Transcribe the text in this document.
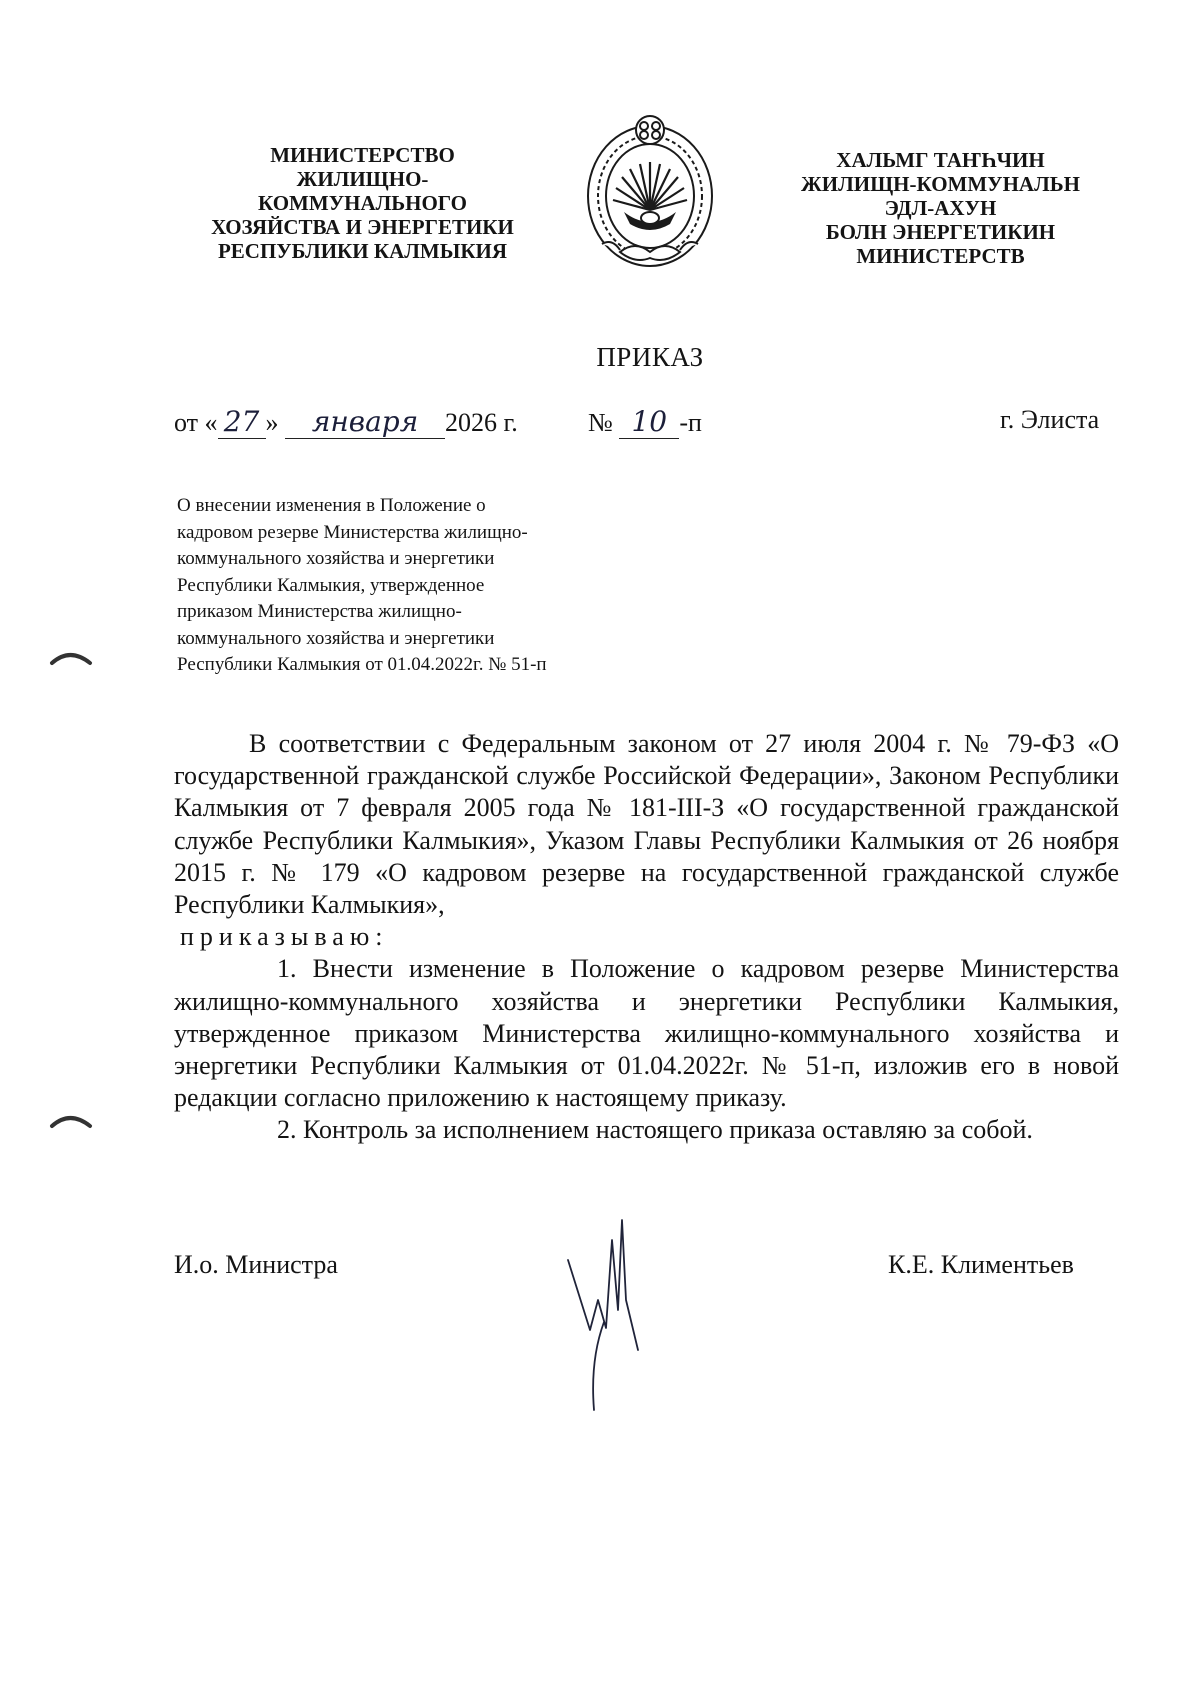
МИНИСТЕРСТВО
ЖИЛИЩНО-
КОММУНАЛЬНОГО
ХОЗЯЙСТВА И ЭНЕРГЕТИКИ
РЕСПУБЛИКИ КАЛМЫКИЯ
ХАЛЬМГ ТАҤҺЧИН
ЖИЛИЩН-КОММУНАЛЬН
ЭДЛ-АХУН
БОЛН ЭНЕРГЕТИКИН
МИНИСТЕРСТВ
ПРИКАЗ
от « 27 » января 2026 г.	№ 10 -п	г. Элиста
О внесении изменения в Положение о
кадровом резерве Министерства жилищно-
коммунального хозяйства и энергетики
Республики Калмыкия, утвержденное
приказом Министерства жилищно-
коммунального хозяйства и энергетики
Республики Калмыкия от 01.04.2022г. № 51-п

В соответствии с Федеральным законом от 27 июля 2004 г. № 79-ФЗ «О государственной гражданской службе Российской Федерации», Законом Республики Калмыкия от 7 февраля 2005 года № 181-III-З «О государственной гражданской службе Республики Калмыкия», Указом Главы Республики Калмыкия от 26 ноября 2015 г. № 179 «О кадровом резерве на государственной гражданской службе Республики Калмыкия»,

приказываю:

1. Внести изменение в Положение о кадровом резерве Министерства жилищно-коммунального хозяйства и энергетики Республики Калмыкия, утвержденное приказом Министерства жилищно-коммунального хозяйства и энергетики Республики Калмыкия от 01.04.2022г. № 51-п, изложив его в новой редакции согласно приложению к настоящему приказу.

2. Контроль за исполнением настоящего приказа оставляю за собой.

И.о. Министра	К.Е. Климентьев
